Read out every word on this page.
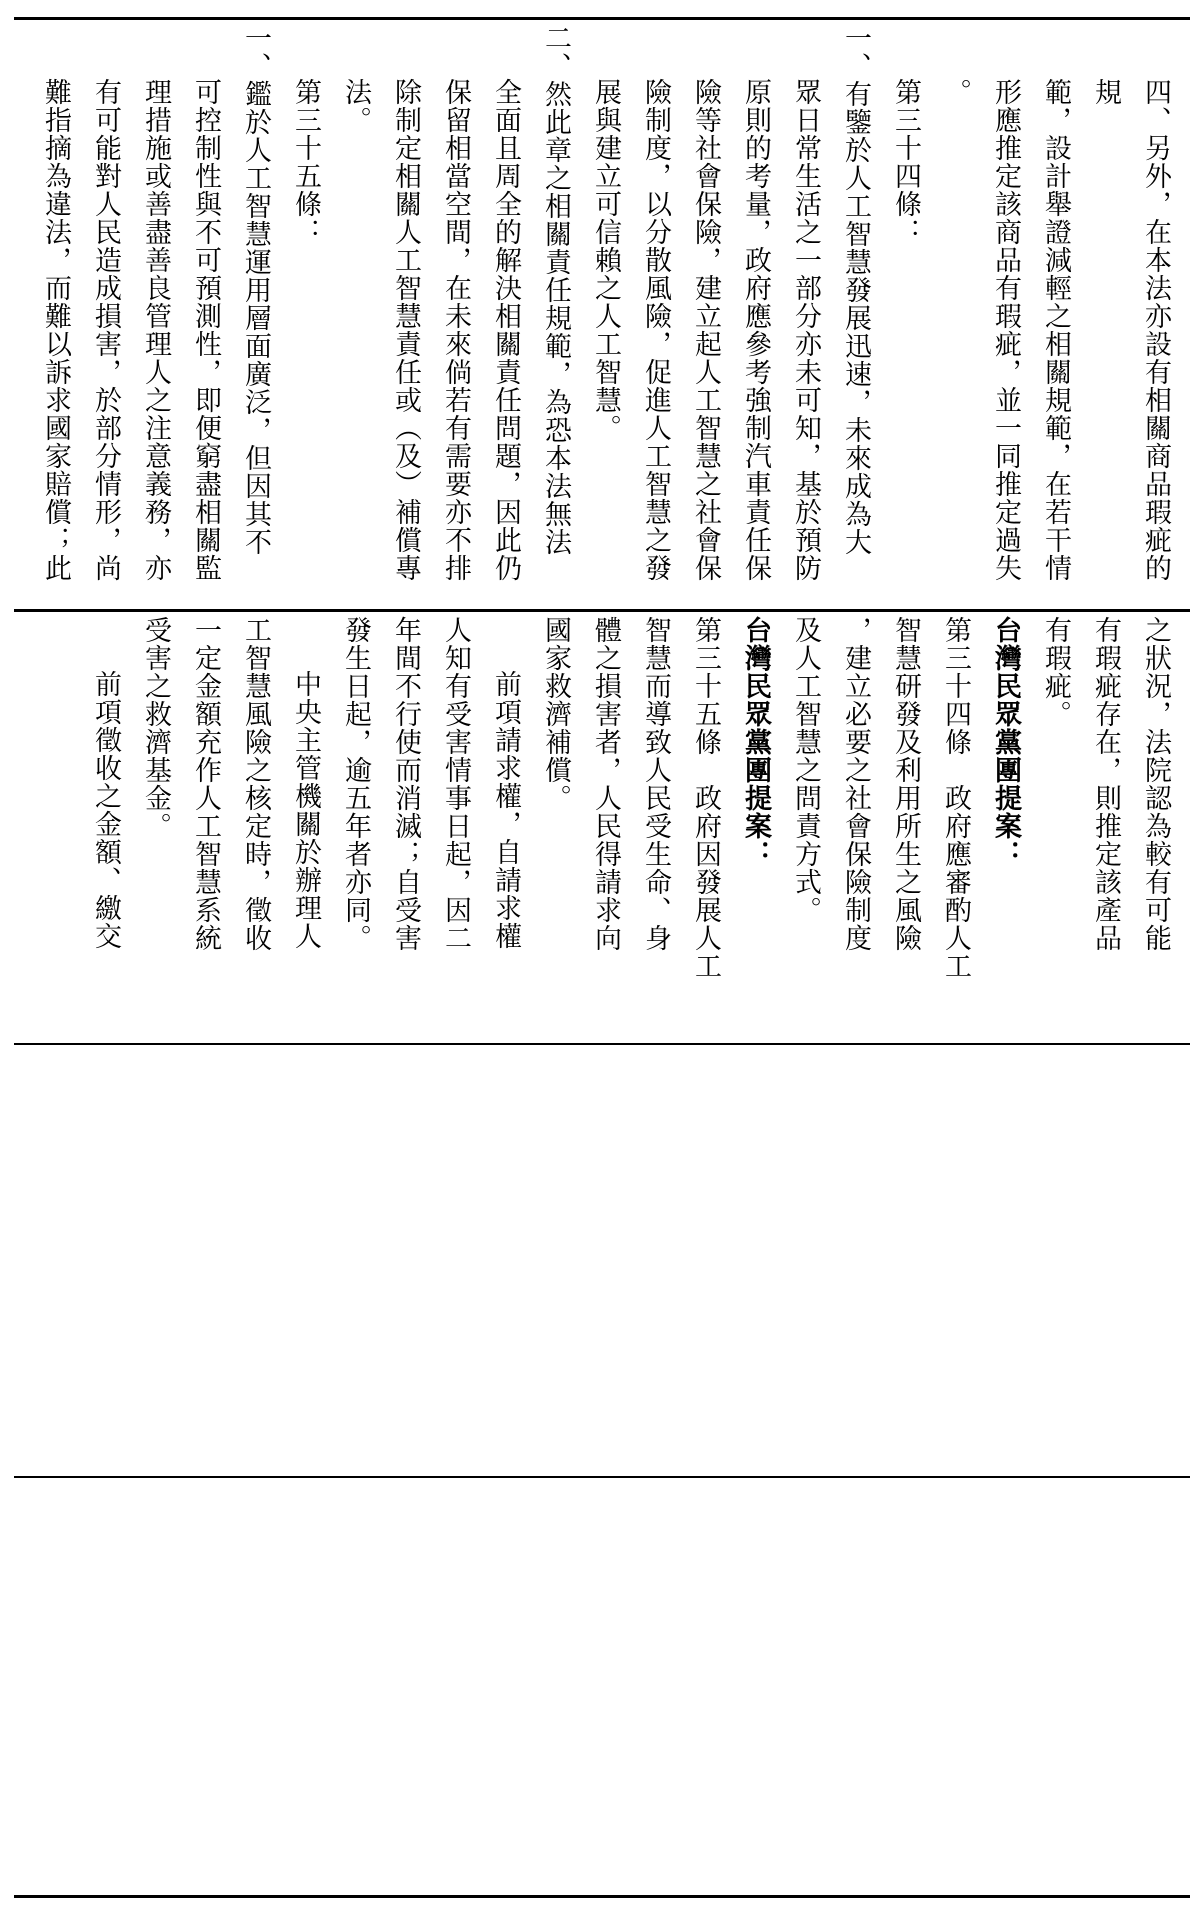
四、另外，在本法亦設有相關商品瑕疵的規
範，設計舉證減輕之相關規範，在若干情
形應推定該商品有瑕疵，並一同推定過失
。
第三十四條：
一、有鑒於人工智慧發展迅速，未來成為大
眾日常生活之一部分亦未可知，基於預防
原則的考量，政府應參考強制汽車責任保
險等社會保險，建立起人工智慧之社會保
險制度，以分散風險，促進人工智慧之發
展與建立可信賴之人工智慧。
二、然此章之相關責任規範，為恐本法無法
全面且周全的解決相關責任問題，因此仍
保留相當空間，在未來倘若有需要亦不排
除制定相關人工智慧責任或（及）補償專
法。
第三十五條：
一、鑑於人工智慧運用層面廣泛，但因其不
可控制性與不可預測性，即便窮盡相關監
理措施或善盡善良管理人之注意義務，亦
有可能對人民造成損害，於部分情形，尚
難指摘為違法，而難以訴求國家賠償；此
之狀況，法院認為較有可能
有瑕疵存在，則推定該產品
有瑕疵。
台灣民眾黨團提案：
第三十四條　政府應審酌人工
智慧研發及利用所生之風險
，建立必要之社會保險制度
及人工智慧之問責方式。
台灣民眾黨團提案：
第三十五條　政府因發展人工
智慧而導致人民受生命、身
體之損害者，人民得請求向
國家救濟補償。
前項請求權，自請求權
人知有受害情事日起，因二
年間不行使而消滅；自受害
發生日起，逾五年者亦同。
中央主管機關於辦理人
工智慧風險之核定時，徵收
一定金額充作人工智慧系統
受害之救濟基金。
前項徵收之金額、繳交
